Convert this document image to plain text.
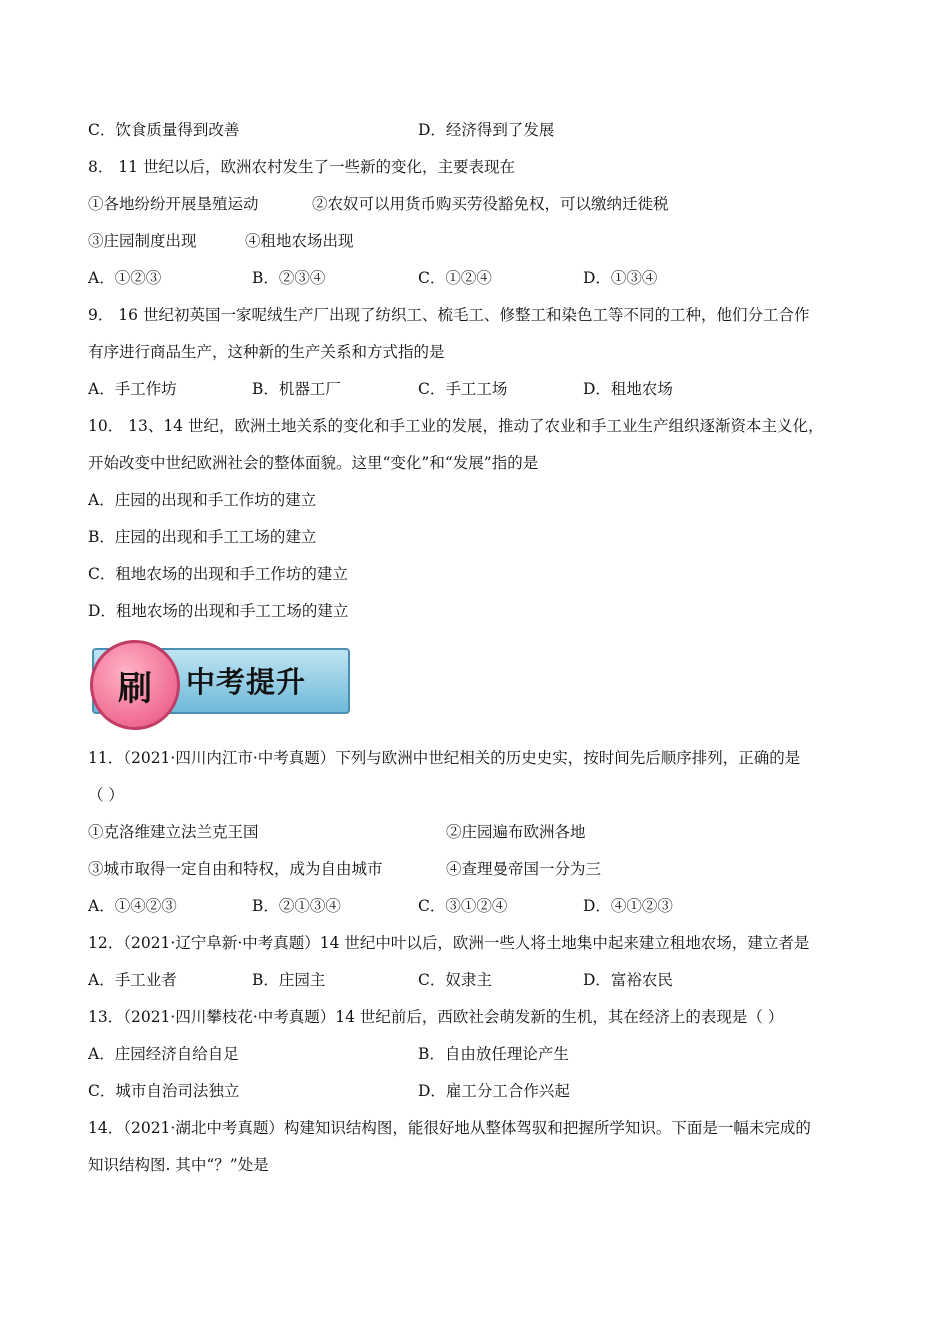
C．饮食质量得到改善	D．经济得到了发展
8． 11 世纪以后，欧洲农村发生了一些新的变化，主要表现在
①各地纷纷开展垦殖运动	②农奴可以用货币购买劳役豁免权，可以缴纳迁徙税
③庄园制度出现	④租地农场出现
A．①②③	B．②③④	C．①②④	D．①③④
9． 16 世纪初英国一家呢绒生产厂出现了纺织工、梳毛工、修整工和染色工等不同的工种，他们分工合作
有序进行商品生产，这种新的生产关系和方式指的是
A．手工作坊	B．机器工厂	C．手工工场	D．租地农场
10． 13、14 世纪，欧洲土地关系的变化和手工业的发展，推动了农业和手工业生产组织逐渐资本主义化，
开始改变中世纪欧洲社会的整体面貌。这里“变化”和“发展”指的是
A．庄园的出现和手工作坊的建立
B．庄园的出现和手工工场的建立
C．租地农场的出现和手工作坊的建立
D．租地农场的出现和手工工场的建立
中考提升
刷
11．（2021·四川内江市·中考真题）下列与欧洲中世纪相关的历史史实，按时间先后顺序排列，正确的是
（ ）
①克洛维建立法兰克王国	②庄园遍布欧洲各地
③城市取得一定自由和特权，成为自由城市	④查理曼帝国一分为三
A．①④②③	B．②①③④	C．③①②④	D．④①②③
12．（2021·辽宁阜新·中考真题）14 世纪中叶以后，欧洲一些人将土地集中起来建立租地农场，建立者是
A．手工业者	B．庄园主	C．奴隶主	D．富裕农民
13．（2021·四川攀枝花·中考真题）14 世纪前后，西欧社会萌发新的生机，其在经济上的表现是（ ）
A．庄园经济自给自足	B．自由放任理论产生
C．城市自治司法独立	D．雇工分工合作兴起
14．（2021·湖北中考真题）构建知识结构图，能很好地从整体驾驭和把握所学知识。下面是一幅未完成的
知识结构图. 其中“？”处是
